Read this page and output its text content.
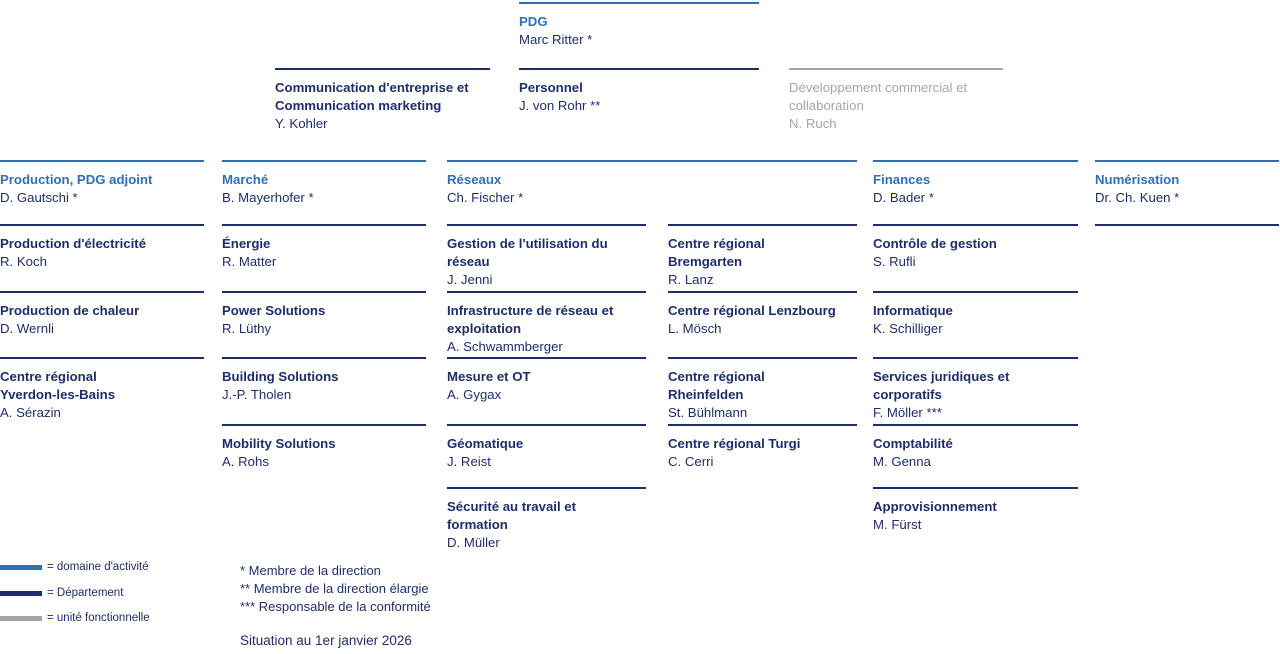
PDG
Marc Ritter *
Communication d'entreprise et Communication marketing
Y. Kohler
Personnel
J. von Rohr **
Développement commercial et collaboration
N. Ruch
Production, PDG adjoint
D. Gautschi *
Production d'électricité
R. Koch
Production de chaleur
D. Wernli
Centre régional Yverdon-les-Bains
A. Sérazin
Marché
B. Mayerhofer *
Énergie
R. Matter
Power Solutions
R. Lüthy
Building Solutions
J.-P. Tholen
Mobility Solutions
A. Rohs
Réseaux
Ch. Fischer *
Gestion de l'utilisation du réseau
J. Jenni
Infrastructure de réseau et exploitation
A. Schwammberger
Mesure et OT
A. Gygax
Géomatique
J. Reist
Sécurité au travail et formation
D. Müller
Centre régional Bremgarten
R. Lanz
Centre régional Lenzbourg
L. Mösch
Centre régional Rheinfelden
St. Bühlmann
Centre régional Turgi
C. Cerri
Finances
D. Bader *
Contrôle de gestion
S. Rufli
Informatique
K. Schilliger
Services juridiques et corporatifs
F. Möller ***
Comptabilité
M. Genna
Approvisionnement
M. Fürst
Numérisation
Dr. Ch. Kuen *
= domaine d'activité
= Département
= unité fonctionnelle
* Membre de la direction
** Membre de la direction élargie
*** Responsable de la conformité
Situation au 1er janvier 2026
